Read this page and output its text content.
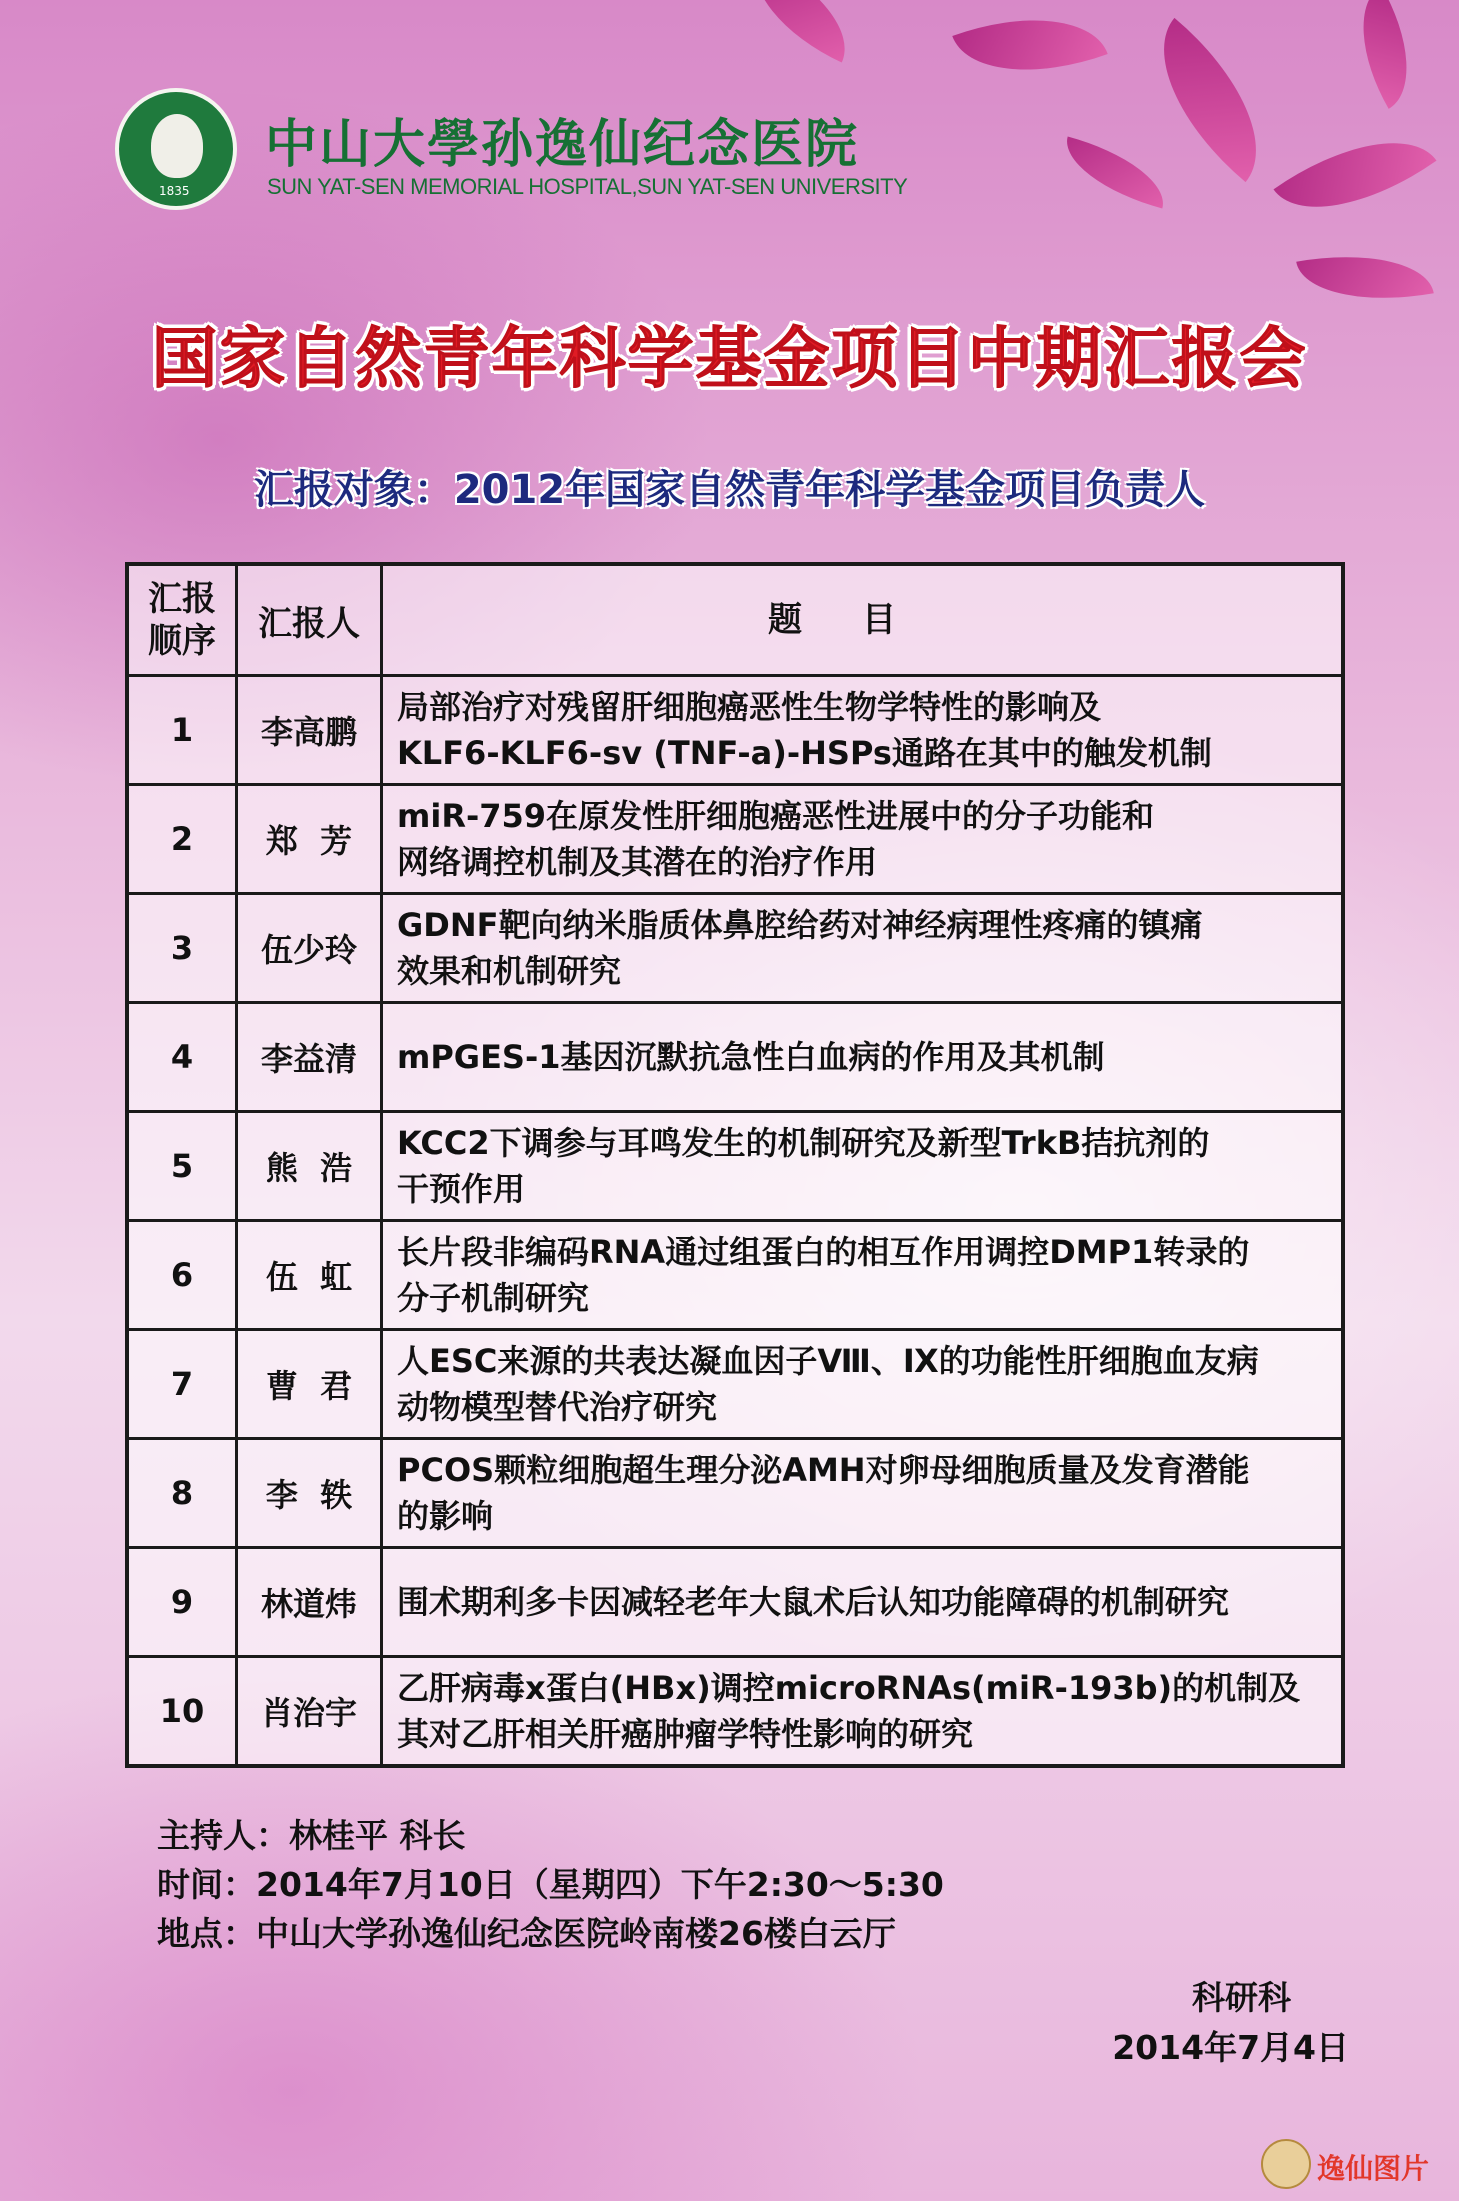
1835
中山大學孙逸仙纪念医院
SUN YAT-SEN MEMORIAL HOSPITAL,SUN YAT-SEN UNIVERSITY
国家自然青年科学基金项目中期汇报会
汇报对象：2012年国家自然青年科学基金项目负责人
汇报
顺序	汇报人	题目
1	李高鹏	局部治疗对残留肝细胞癌恶性生物学特性的影响及
KLF6-KLF6-sv (TNF-a)-HSPs通路在其中的触发机制

2	郑  芳	miR-759在原发性肝细胞癌恶性进展中的分子功能和
网络调控机制及其潜在的治疗作用

3	伍少玲	GDNF靶向纳米脂质体鼻腔给药对神经病理性疼痛的镇痛
效果和机制研究

4	李益清	mPGES-1基因沉默抗急性白血病的作用及其机制

5	熊  浩	KCC2下调参与耳鸣发生的机制研究及新型TrkB拮抗剂的
干预作用

6	伍  虹	长片段非编码RNA通过组蛋白的相互作用调控DMP1转录的
分子机制研究

7	曹  君	人ESC来源的共表达凝血因子Ⅷ、Ⅸ的功能性肝细胞血友病
动物模型替代治疗研究

8	李  轶	PCOS颗粒细胞超生理分泌AMH对卵母细胞质量及发育潜能
的影响

9	林道炜	围术期利多卡因减轻老年大鼠术后认知功能障碍的机制研究

10	肖治宇	乙肝病毒x蛋白(HBx)调控microRNAs(miR-193b)的机制及
其对乙肝相关肝癌肿瘤学特性影响的研究
主持人：林桂平 科长
时间：2014年7月10日（星期四）下午2:30～5:30
地点：中山大学孙逸仙纪念医院岭南楼26楼白云厅
科研科
2014年7月4日
逸仙图片
